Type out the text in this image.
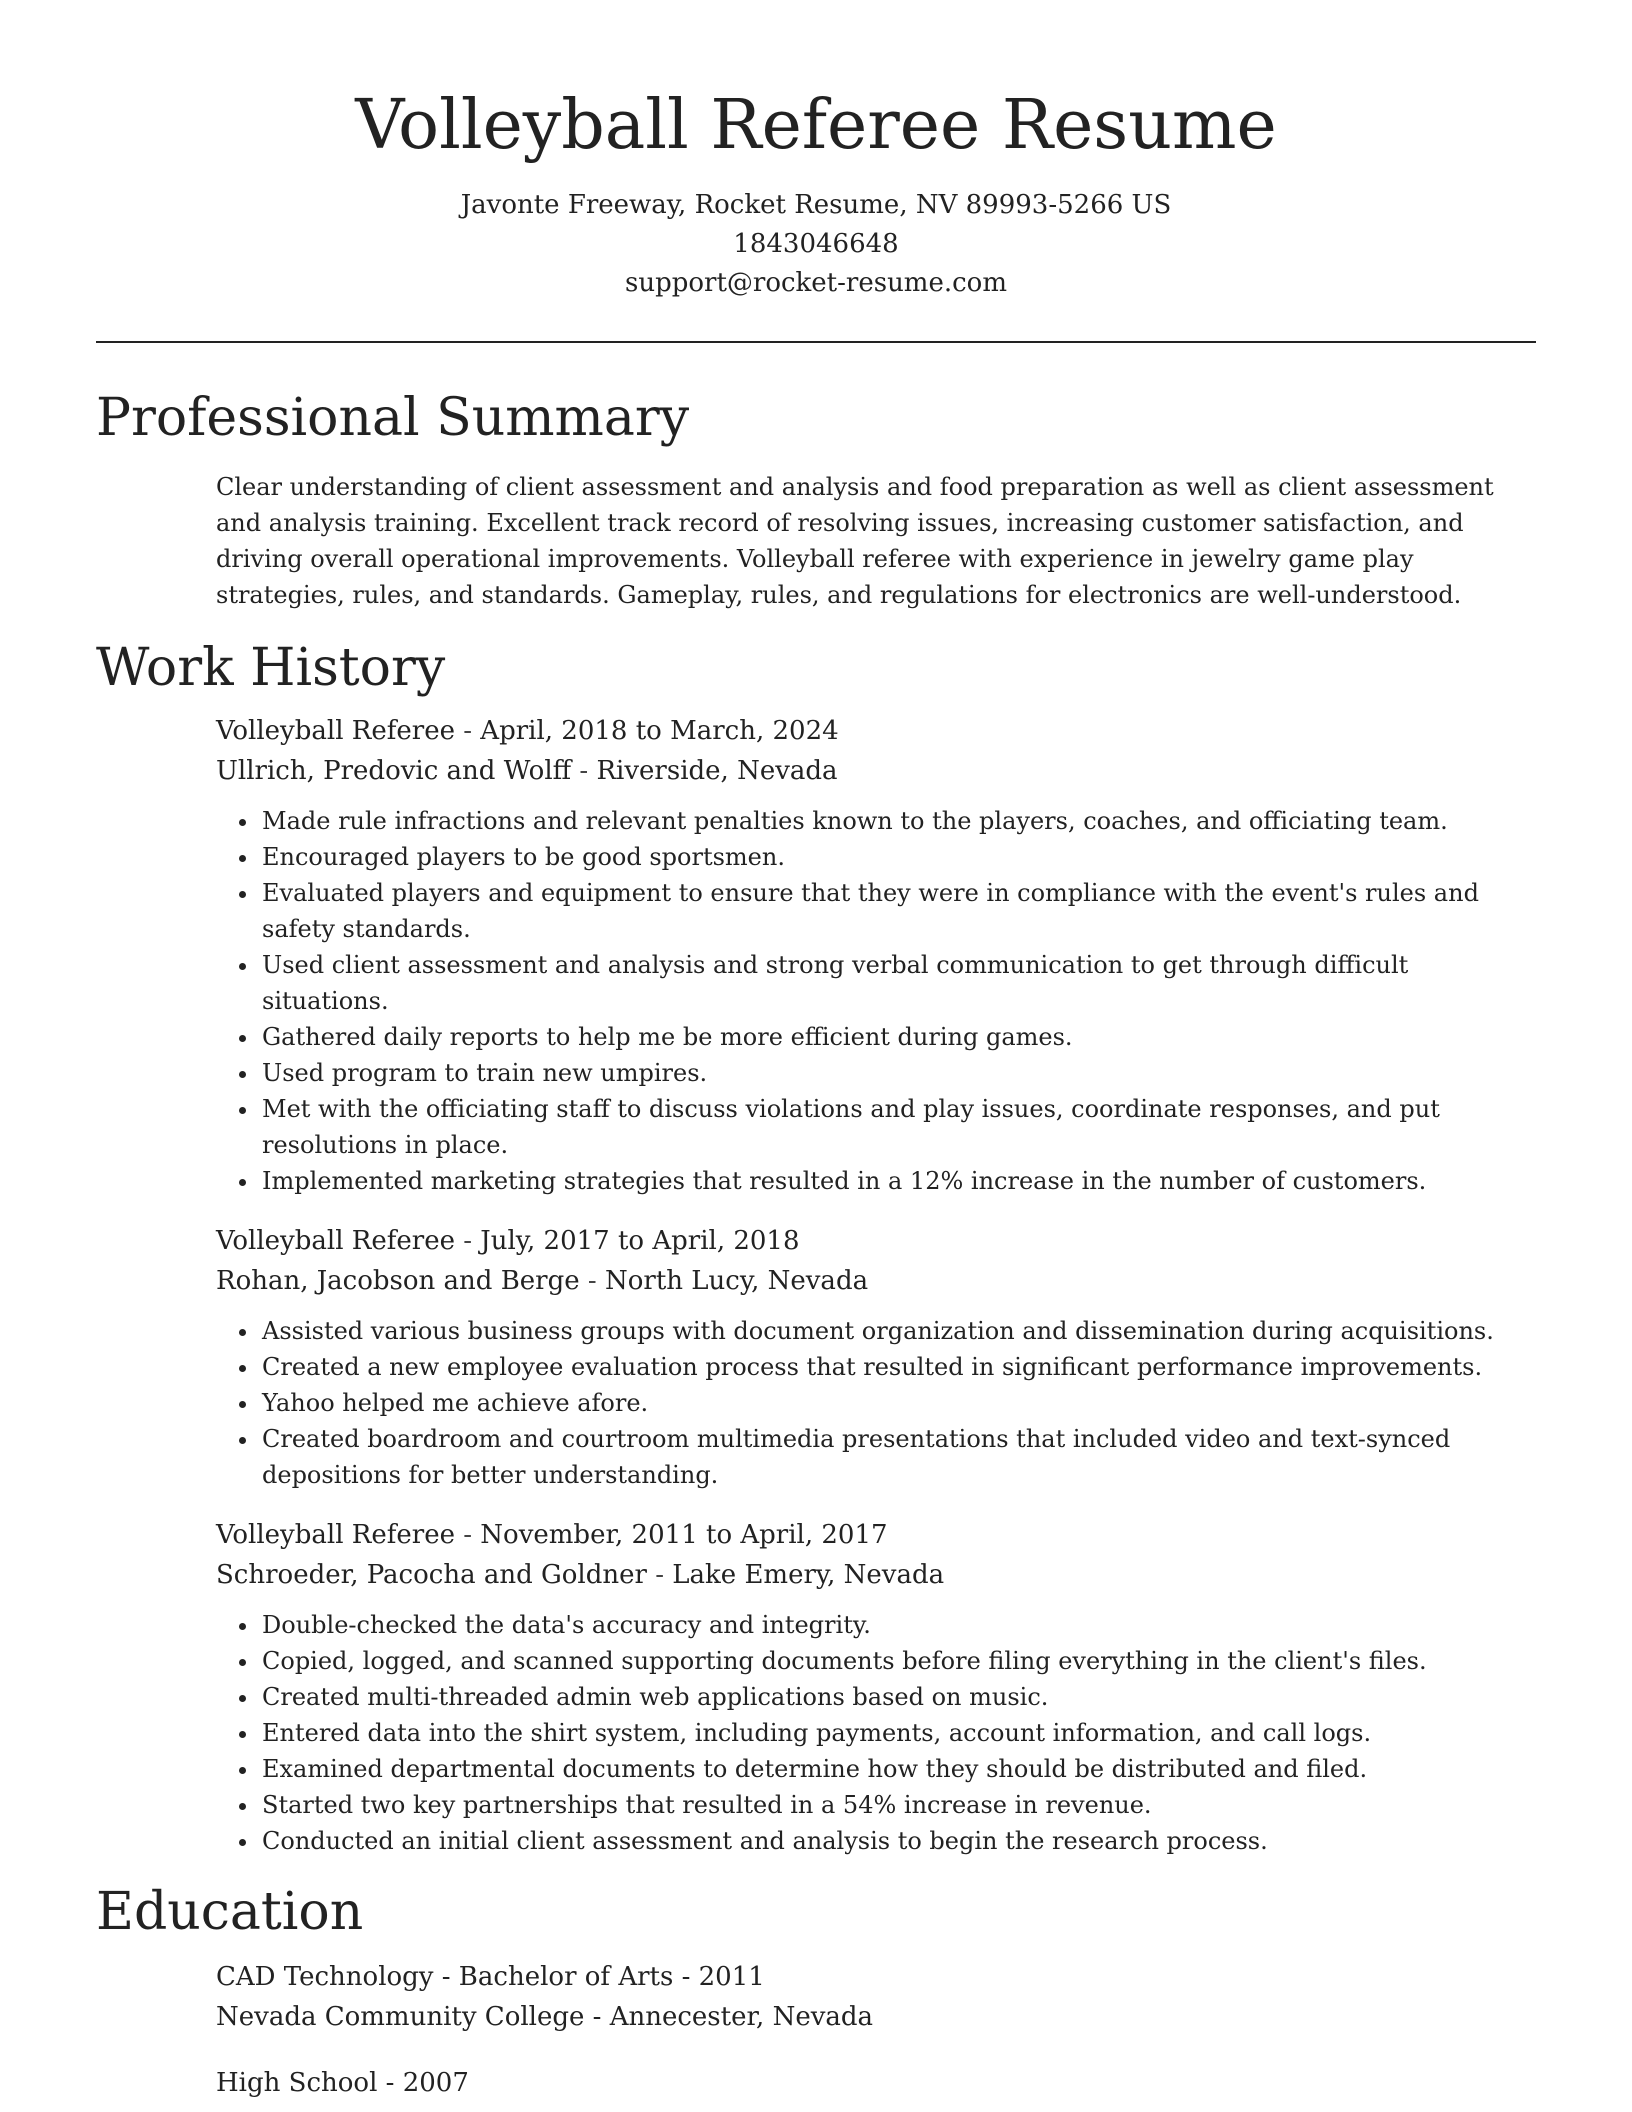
Volleyball Referee Resume
Javonte Freeway, Rocket Resume, NV 89993-5266 US
1843046648
support@rocket-resume.com
Professional Summary

Clear understanding of client assessment and analysis and food preparation as well as client assessment and analysis training. Excellent track record of resolving issues, increasing customer satisfaction, and driving overall operational improvements. Volleyball referee with experience in jewelry game play strategies, rules, and standards. Gameplay, rules, and regulations for electronics are well-understood.

Work History
Volleyball Referee - April, 2018 to March, 2024
Ullrich, Predovic and Wolff - Riverside, Nevada
• Made rule infractions and relevant penalties known to the players, coaches, and officiating team.
• Encouraged players to be good sportsmen.
• Evaluated players and equipment to ensure that they were in compliance with the event's rules and safety standards.
• Used client assessment and analysis and strong verbal communication to get through difficult situations.
• Gathered daily reports to help me be more efficient during games.
• Used program to train new umpires.
• Met with the officiating staff to discuss violations and play issues, coordinate responses, and put resolutions in place.
• Implemented marketing strategies that resulted in a 12% increase in the number of customers.
Volleyball Referee - July, 2017 to April, 2018
Rohan, Jacobson and Berge - North Lucy, Nevada
• Assisted various business groups with document organization and dissemination during acquisitions.
• Created a new employee evaluation process that resulted in significant performance improvements.
• Yahoo helped me achieve afore.
• Created boardroom and courtroom multimedia presentations that included video and text-synced depositions for better understanding.
Volleyball Referee - November, 2011 to April, 2017
Schroeder, Pacocha and Goldner - Lake Emery, Nevada
• Double-checked the data's accuracy and integrity.
• Copied, logged, and scanned supporting documents before filing everything in the client's files.
• Created multi-threaded admin web applications based on music.
• Entered data into the shirt system, including payments, account information, and call logs.
• Examined departmental documents to determine how they should be distributed and filed.
• Started two key partnerships that resulted in a 54% increase in revenue.
• Conducted an initial client assessment and analysis to begin the research process.
Education
CAD Technology - Bachelor of Arts - 2011
Nevada Community College - Annecester, Nevada
High School - 2007
